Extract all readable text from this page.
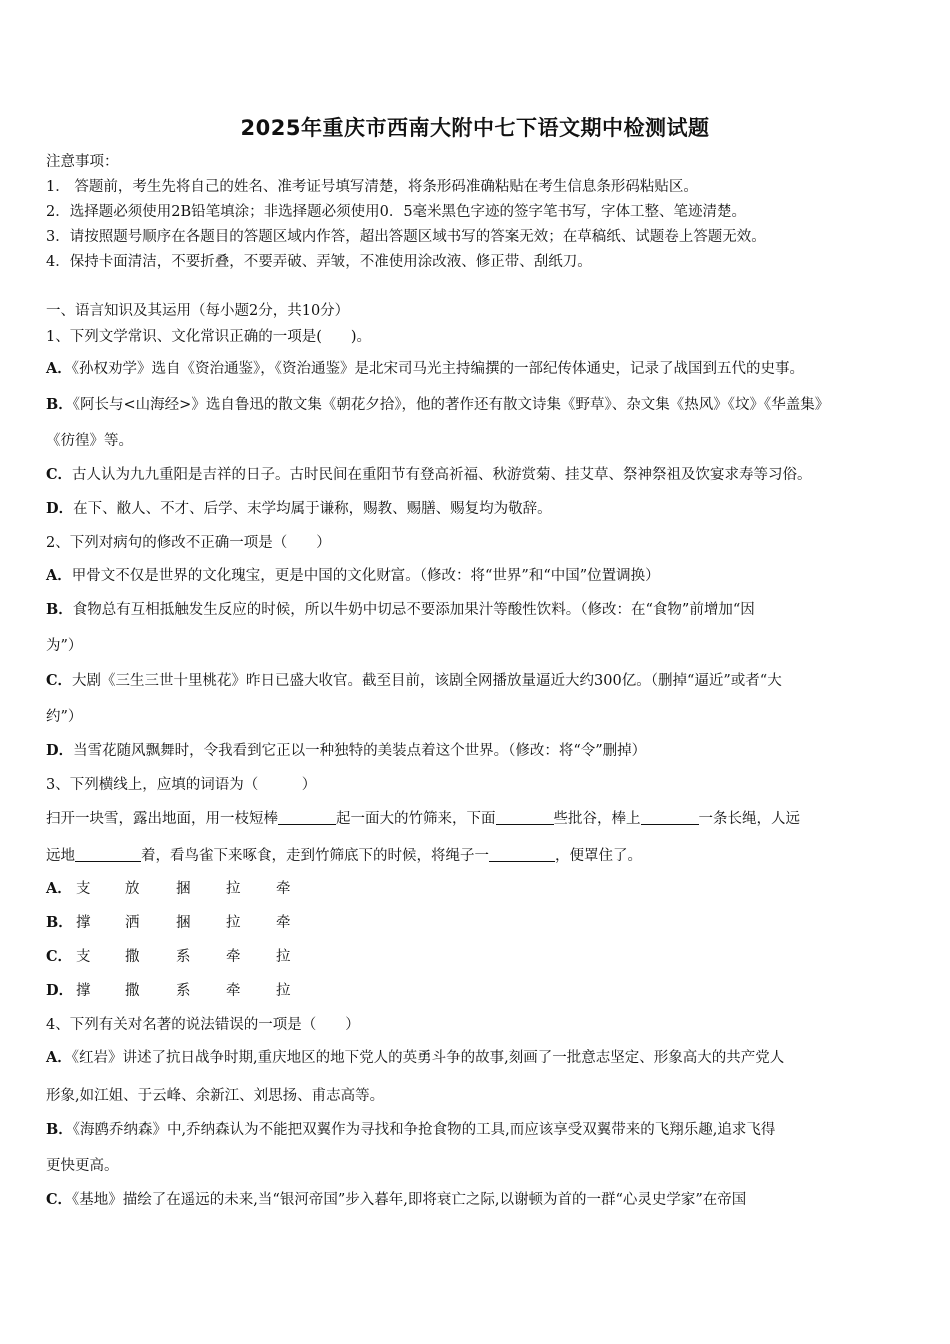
2025年重庆市西南大附中七下语文期中检测试题
注意事项：
1． 答题前，考生先将自己的姓名、准考证号填写清楚，将条形码准确粘贴在考生信息条形码粘贴区。
2．选择题必须使用2B铅笔填涂；非选择题必须使用0．5毫米黑色字迹的签字笔书写，字体工整、笔迹清楚。
3．请按照题号顺序在各题目的答题区域内作答，超出答题区域书写的答案无效；在草稿纸、试题卷上答题无效。
4．保持卡面清洁，不要折叠，不要弄破、弄皱，不准使用涂改液、修正带、刮纸刀。
一、语言知识及其运用（每小题2分，共10分）
1、下列文学常识、文化常识正确的一项是(　　)。
A．《孙权劝学》选自《资治通鉴》，《资治通鉴》是北宋司马光主持编撰的一部纪传体通史，记录了战国到五代的史事。
B．《阿长与<山海经>》选自鲁迅的散文集《朝花夕拾》，他的著作还有散文诗集《野草》、杂文集《热风》《坟》《华盖集》
《彷徨》等。
C．古人认为九九重阳是吉祥的日子。古时民间在重阳节有登高祈福、秋游赏菊、挂艾草、祭神祭祖及饮宴求寿等习俗。
D．在下、敝人、不才、后学、末学均属于谦称，赐教、赐膳、赐复均为敬辞。
2、下列对病句的修改不正确一项是（　　）
A．甲骨文不仅是世界的文化瑰宝，更是中国的文化财富。（修改：将“世界”和“中国”位置调换）
B．食物总有互相抵触发生反应的时候，所以牛奶中切忌不要添加果汁等酸性饮料。（修改：在“食物”前增加“因
为”）
C．大剧《三生三世十里桃花》昨日已盛大收官。截至目前，该剧全网播放量逼近大约300亿。（删掉“逼近”或者“大
约”）
D．当雪花随风飘舞时，令我看到它正以一种独特的美装点着这个世界。（修改：将“令”删掉）
3、下列横线上，应填的词语为（　　　）
扫开一块雪，露出地面，用一枝短棒	起一面大的竹筛来，下面	些批谷，棒上	一条长绳，人远
远地	着，看鸟雀下来啄食，走到竹筛底下的时候，将绳子一	，便罩住了。
A． 支 放	捆 拉 牵
B． 撑 洒	捆 拉 牵
C． 支 撒	系 牵 拉
D． 撑 撒	系 牵 拉
4、下列有关对名著的说法错误的一项是（　　）
A．《红岩》讲述了抗日战争时期,重庆地区的地下党人的英勇斗争的故事,刻画了一批意志坚定、形象高大的共产党人
形象,如江姐、于云峰、余新江、刘思扬、甫志高等。
B．《海鸥乔纳森》中,乔纳森认为不能把双翼作为寻找和争抢食物的工具,而应该享受双翼带来的飞翔乐趣,追求飞得
更快更高。
C．《基地》描绘了在遥远的未来,当“银河帝国”步入暮年,即将衰亡之际,以谢顿为首的一群“心灵史学家”在帝国
